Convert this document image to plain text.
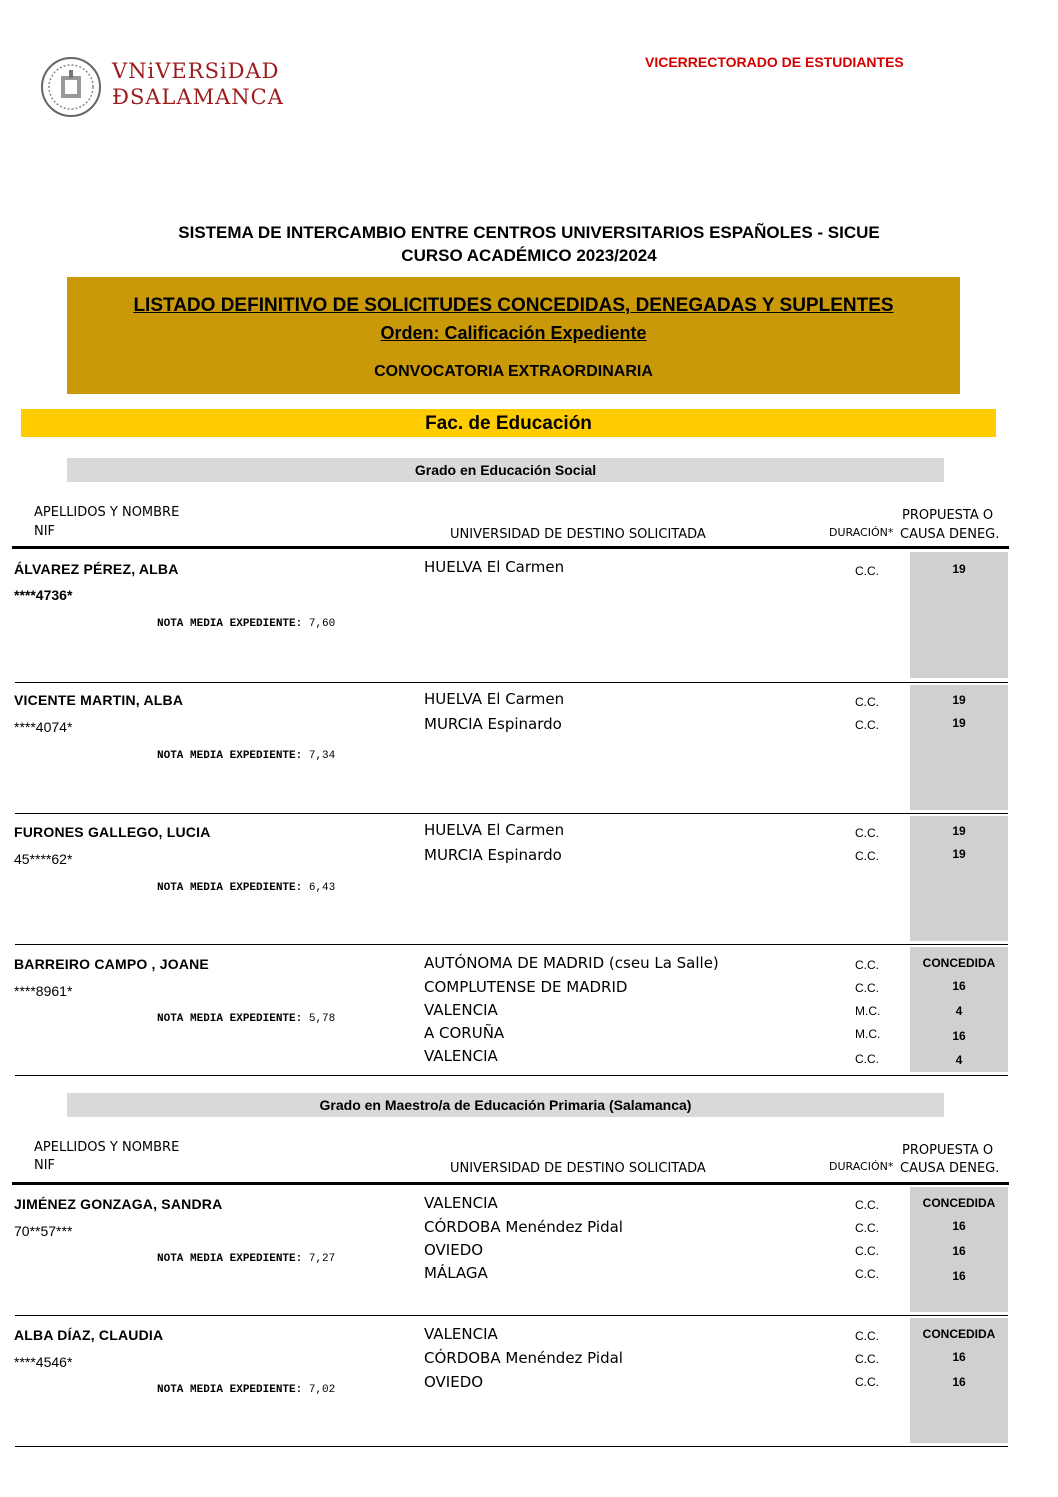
VNiVERSiDAD
ÐSALAMANCA
VICERRECTORADO DE ESTUDIANTES
SISTEMA DE INTERCAMBIO ENTRE CENTROS UNIVERSITARIOS ESPAÑOLES - SICUE
CURSO ACADÉMICO 2023/2024
LISTADO DEFINITIVO DE SOLICITUDES CONCEDIDAS, DENEGADAS Y SUPLENTES
Orden: Calificación Expediente
CONVOCATORIA EXTRAORDINARIA
Fac. de Educación
Grado en Educación Social
APELLIDOS Y NOMBRE
NIF	UNIVERSIDAD DE DESTINO SOLICITADA	DURACIÓN*
PROPUESTA O
CAUSA DENEG.
ÁLVAREZ PÉREZ, ALBA
****4736*
NOTA MEDIA EXPEDIENTE: 7,60
HUELVA El Carmen	C.C.	19
VICENTE MARTIN, ALBA
****4074*
NOTA MEDIA EXPEDIENTE: 7,34
HUELVA El Carmen	C.C.	19
MURCIA Espinardo	C.C.	19
FURONES GALLEGO, LUCIA
45****62*
NOTA MEDIA EXPEDIENTE: 6,43
HUELVA El Carmen	C.C.	19
MURCIA Espinardo	C.C.	19
BARREIRO CAMPO , JOANE
****8961*
NOTA MEDIA EXPEDIENTE: 5,78
AUTÓNOMA DE MADRID (cseu La Salle)	C.C.	CONCEDIDA
COMPLUTENSE DE MADRID	C.C.	16
VALENCIA	M.C.	4
A CORUÑA	M.C.	16
VALENCIA	C.C.	4
Grado en Maestro/a de Educación Primaria (Salamanca)
APELLIDOS Y NOMBRE
NIF	UNIVERSIDAD DE DESTINO SOLICITADA	DURACIÓN*
PROPUESTA O
CAUSA DENEG.
JIMÉNEZ GONZAGA, SANDRA
70**57***
NOTA MEDIA EXPEDIENTE: 7,27
VALENCIA	C.C.	CONCEDIDA
CÓRDOBA Menéndez Pidal	C.C.	16
OVIEDO	C.C.	16
MÁLAGA	C.C.	16
ALBA DÍAZ, CLAUDIA
****4546*
NOTA MEDIA EXPEDIENTE: 7,02
VALENCIA	C.C.	CONCEDIDA
CÓRDOBA Menéndez Pidal	C.C.	16
OVIEDO	C.C.	16
